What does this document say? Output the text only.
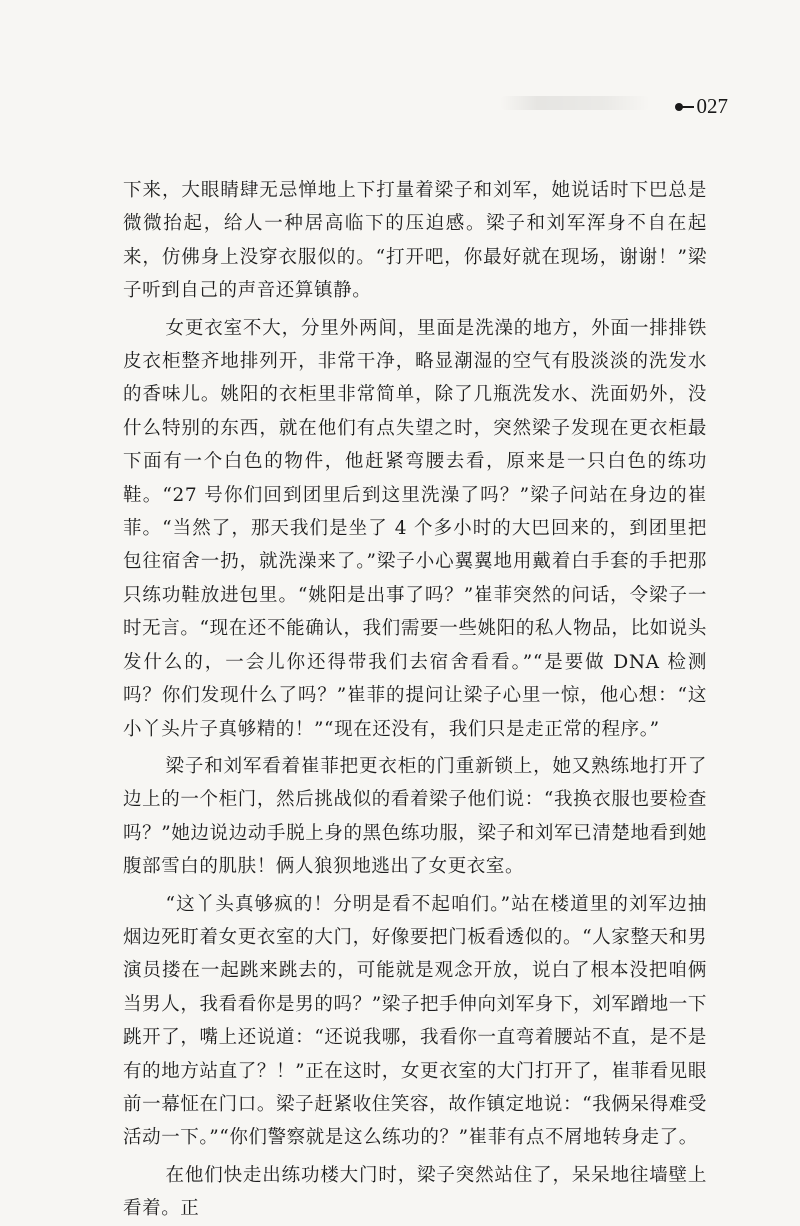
027

下来，大眼睛肆无忌惮地上下打量着梁子和刘军，她说话时下巴总是微微抬起，给人一种居高临下的压迫感。梁子和刘军浑身不自在起来，仿佛身上没穿衣服似的。“打开吧，你最好就在现场，谢谢！”梁子听到自己的声音还算镇静。

女更衣室不大，分里外两间，里面是洗澡的地方，外面一排排铁皮衣柜整齐地排列开，非常干净，略显潮湿的空气有股淡淡的洗发水的香味儿。姚阳的衣柜里非常简单，除了几瓶洗发水、洗面奶外，没什么特别的东西，就在他们有点失望之时，突然梁子发现在更衣柜最下面有一个白色的物件，他赶紧弯腰去看，原来是一只白色的练功鞋。“27 号你们回到团里后到这里洗澡了吗？”梁子问站在身边的崔菲。“当然了，那天我们是坐了 4 个多小时的大巴回来的，到团里把包往宿舍一扔，就洗澡来了。”梁子小心翼翼地用戴着白手套的手把那只练功鞋放进包里。“姚阳是出事了吗？”崔菲突然的问话，令梁子一时无言。“现在还不能确认，我们需要一些姚阳的私人物品，比如说头发什么的，一会儿你还得带我们去宿舍看看。”“是要做 DNA 检测吗？你们发现什么了吗？”崔菲的提问让梁子心里一惊，他心想：“这小丫头片子真够精的！”“现在还没有，我们只是走正常的程序。”

梁子和刘军看着崔菲把更衣柜的门重新锁上，她又熟练地打开了边上的一个柜门，然后挑战似的看着梁子他们说：“我换衣服也要检查吗？”她边说边动手脱上身的黑色练功服，梁子和刘军已清楚地看到她腹部雪白的肌肤！俩人狼狈地逃出了女更衣室。

“这丫头真够疯的！分明是看不起咱们。”站在楼道里的刘军边抽烟边死盯着女更衣室的大门，好像要把门板看透似的。“人家整天和男演员搂在一起跳来跳去的，可能就是观念开放，说白了根本没把咱俩当男人，我看看你是男的吗？”梁子把手伸向刘军身下，刘军蹭地一下跳开了，嘴上还说道：“还说我哪，我看你一直弯着腰站不直，是不是有的地方站直了？！”正在这时，女更衣室的大门打开了，崔菲看见眼前一幕怔在门口。梁子赶紧收住笑容，故作镇定地说：“我俩呆得难受活动一下。”“你们警察就是这么练功的？”崔菲有点不屑地转身走了。

在他们快走出练功楼大门时，梁子突然站住了，呆呆地往墙壁上看着。正
